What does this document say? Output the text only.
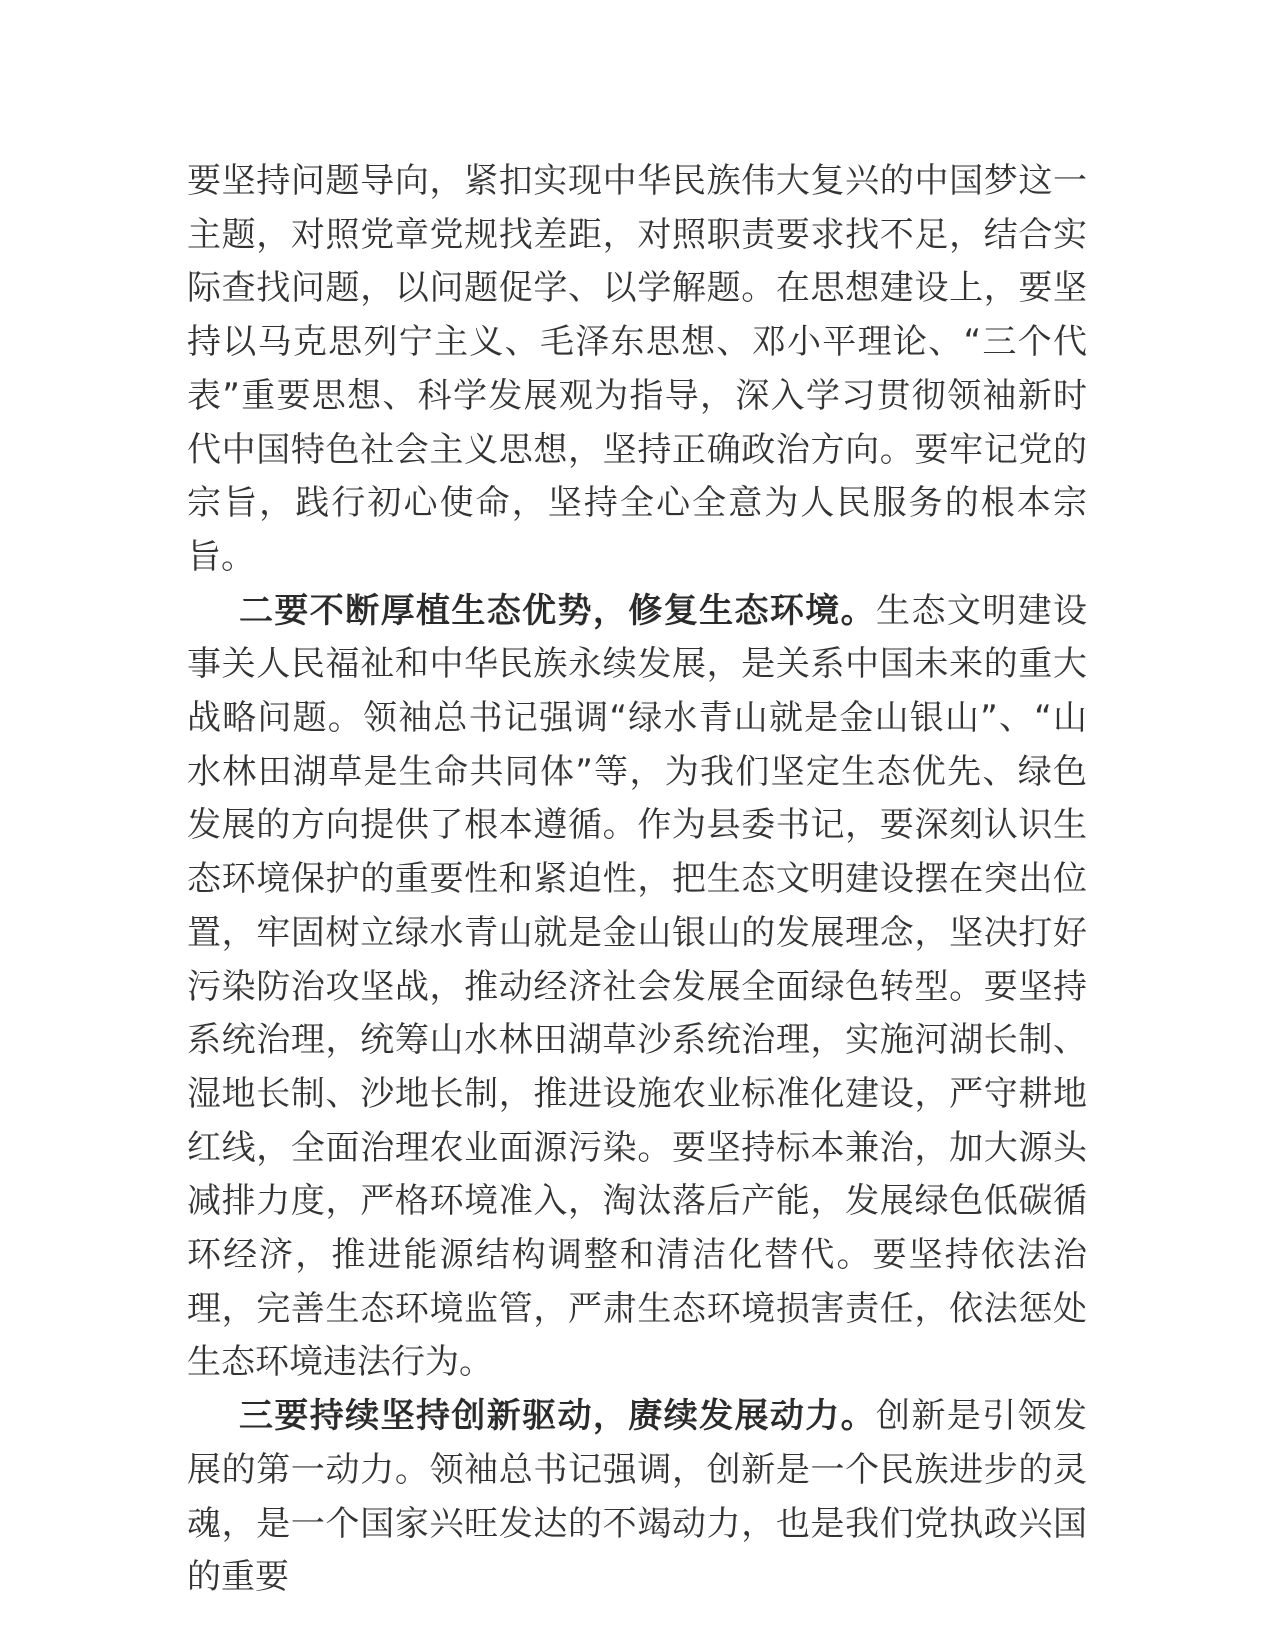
要坚持问题导向，紧扣实现中华民族伟大复兴的中国梦这一主题，对照党章党规找差距，对照职责要求找不足，结合实际查找问题，以问题促学、以学解题。在思想建设上，要坚持以马克思列宁主义、毛泽东思想、邓小平理论、“三个代表”重要思想、科学发展观为指导，深入学习贯彻领袖新时代中国特色社会主义思想，坚持正确政治方向。要牢记党的宗旨，践行初心使命，坚持全心全意为人民服务的根本宗旨。

二要不断厚植生态优势，修复生态环境。生态文明建设事关人民福祉和中华民族永续发展，是关系中国未来的重大战略问题。领袖总书记强调“绿水青山就是金山银山”、“山水林田湖草是生命共同体”等，为我们坚定生态优先、绿色发展的方向提供了根本遵循。作为县委书记，要深刻认识生态环境保护的重要性和紧迫性，把生态文明建设摆在突出位置，牢固树立绿水青山就是金山银山的发展理念，坚决打好污染防治攻坚战，推动经济社会发展全面绿色转型。要坚持系统治理，统筹山水林田湖草沙系统治理，实施河湖长制、湿地长制、沙地长制，推进设施农业标准化建设，严守耕地红线，全面治理农业面源污染。要坚持标本兼治，加大源头减排力度，严格环境准入，淘汰落后产能，发展绿色低碳循环经济，推进能源结构调整和清洁化替代。要坚持依法治理，完善生态环境监管，严肃生态环境损害责任，依法惩处生态环境违法行为。

三要持续坚持创新驱动，赓续发展动力。创新是引领发展的第一动力。领袖总书记强调，创新是一个民族进步的灵魂，是一个国家兴旺发达的不竭动力，也是我们党执政兴国的重要
